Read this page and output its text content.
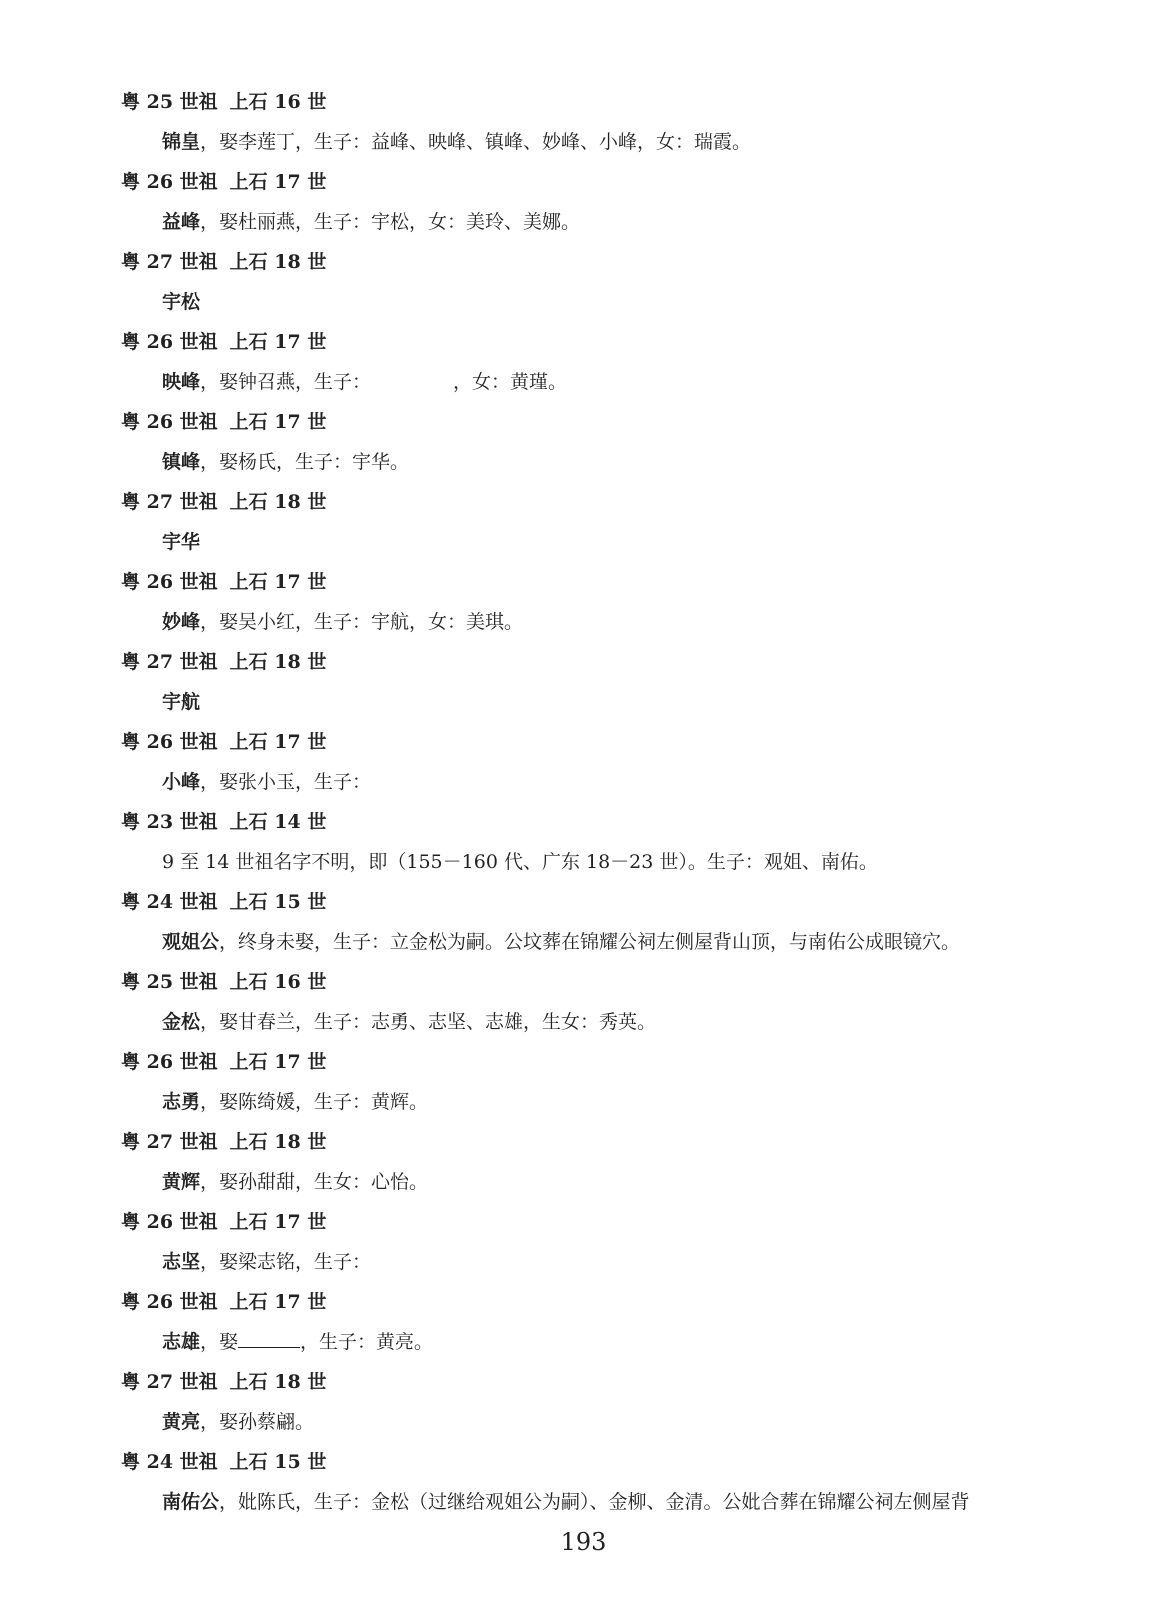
粤 25 世祖 上石 16 世
锦皇，娶李莲丁，生子：益峰、映峰、镇峰、妙峰、小峰，女：瑞霞。
粤 26 世祖 上石 17 世
益峰，娶杜丽燕，生子：宇松，女：美玲、美娜。
粤 27 世祖 上石 18 世
宇松
粤 26 世祖 上石 17 世
映峰，娶钟召燕，生子：	，女：黄瑾。
粤 26 世祖 上石 17 世
镇峰，娶杨氏，生子：宇华。
粤 27 世祖 上石 18 世
宇华
粤 26 世祖 上石 17 世
妙峰，娶吴小红，生子：宇航，女：美琪。
粤 27 世祖 上石 18 世
宇航
粤 26 世祖 上石 17 世
小峰，娶张小玉，生子：
粤 23 世祖 上石 14 世
9 至 14 世祖名字不明，即（155－160 代、广东 18－23 世）。生子：观姐、南佑。
粤 24 世祖 上石 15 世
观姐公，终身未娶，生子：立金松为嗣。公坟葬在锦耀公祠左侧屋背山顶，与南佑公成眼镜穴。
粤 25 世祖 上石 16 世
金松，娶甘春兰，生子：志勇、志坚、志雄，生女：秀英。
粤 26 世祖 上石 17 世
志勇，娶陈绮媛，生子：黄辉。
粤 27 世祖 上石 18 世
黄辉，娶孙甜甜，生女：心怡。
粤 26 世祖 上石 17 世
志坚，娶梁志铭，生子：
粤 26 世祖 上石 17 世
志雄，娶	，生子：黄亮。
粤 27 世祖 上石 18 世
黄亮，娶孙蔡翩。
粤 24 世祖 上石 15 世
南佑公，妣陈氏，生子：金松（过继给观姐公为嗣）、金柳、金清。公妣合葬在锦耀公祠左侧屋背
193
